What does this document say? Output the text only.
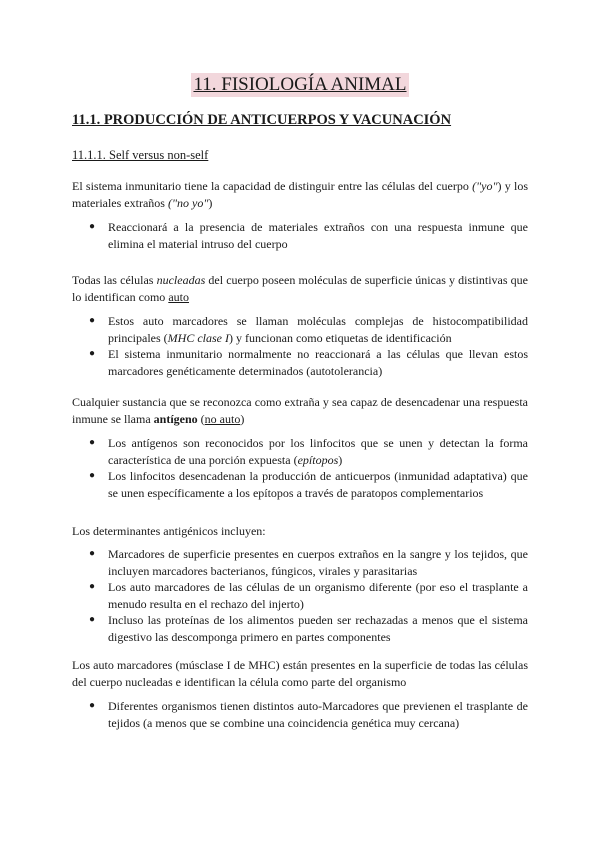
11. FISIOLOGÍA ANIMAL
11.1. PRODUCCIÓN DE ANTICUERPOS Y VACUNACIÓN
11.1.1. Self versus non-self
El sistema inmunitario tiene la capacidad de distinguir entre las células del cuerpo ("yo") y los materiales extraños ("no yo")
● Reaccionará a la presencia de materiales extraños con una respuesta inmune que elimina el material intruso del cuerpo
Todas las células nucleadas del cuerpo poseen moléculas de superficie únicas y distintivas que lo identifican como auto
● Estos auto marcadores se llaman moléculas complejas de histocompatibilidad principales (MHC clase I) y funcionan como etiquetas de identificación
● El sistema inmunitario normalmente no reaccionará a las células que llevan estos marcadores genéticamente determinados (autotolerancia)
Cualquier sustancia que se reconozca como extraña y sea capaz de desencadenar una respuesta inmune se llama antígeno (no auto)
● Los antígenos son reconocidos por los linfocitos que se unen y detectan la forma característica de una porción expuesta (epítopos)
● Los linfocitos desencadenan la producción de anticuerpos (inmunidad adaptativa) que se unen específicamente a los epítopos a través de paratopos complementarios
Los determinantes antigénicos incluyen:
● Marcadores de superficie presentes en cuerpos extraños en la sangre y los tejidos, que incluyen marcadores bacterianos, fúngicos, virales y parasitarias
● Los auto marcadores de las células de un organismo diferente (por eso el trasplante a menudo resulta en el rechazo del injerto)
● Incluso las proteínas de los alimentos pueden ser rechazadas a menos que el sistema digestivo las descomponga primero en partes componentes
Los auto marcadores (músclase I de MHC) están presentes en la superficie de todas las células del cuerpo nucleadas e identifican la célula como parte del organismo
● Diferentes organismos tienen distintos auto-Marcadores que previenen el trasplante de tejidos (a menos que se combine una coincidencia genética muy cercana)
